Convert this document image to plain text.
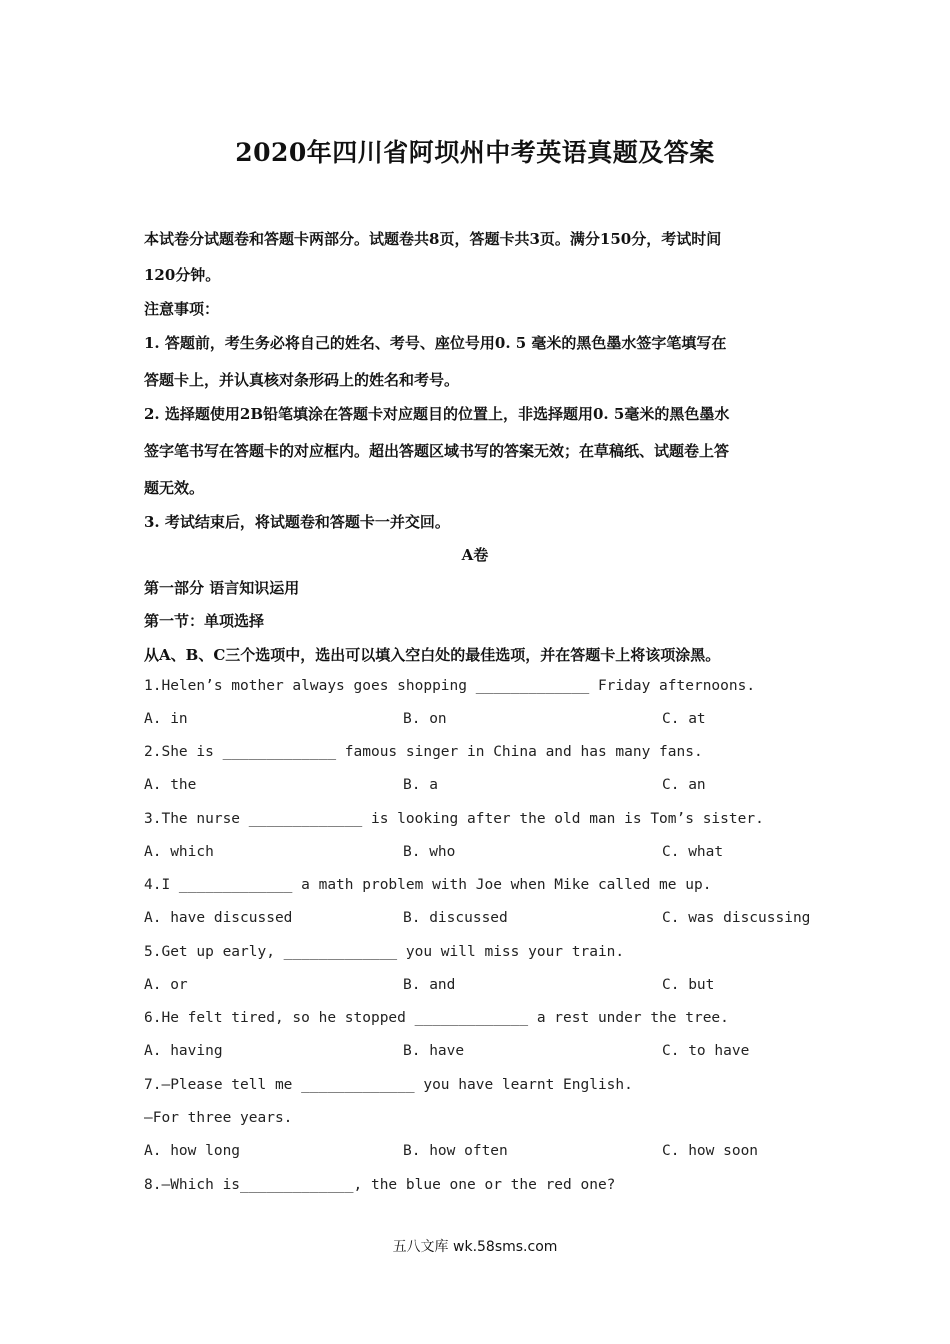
2020年四川省阿坝州中考英语真题及答案
本试卷分试题卷和答题卡两部分。试题卷共8页，答题卡共3页。满分150分，考试时间
120分钟。
注意事项：
1. 答题前，考生务必将自己的姓名、考号、座位号用0. 5 毫米的黑色墨水签字笔填写在
答题卡上，并认真核对条形码上的姓名和考号。
2. 选择题使用2B铅笔填涂在答题卡对应题目的位置上，非选择题用0. 5毫米的黑色墨水
签字笔书写在答题卡的对应框内。超出答题区域书写的答案无效；在草稿纸、试题卷上答
题无效。
3. 考试结束后，将试题卷和答题卡一并交回。
A卷
第一部分 语言知识运用
第一节：单项选择
从A、B、C三个选项中，选出可以填入空白处的最佳选项，并在答题卡上将该项涂黑。
1.Helen’s mother always goes shopping _____________ Friday afternoons.
A. in	B. on	C. at
2.She is _____________ famous singer in China and has many fans.
A. the	B. a	C. an
3.The nurse _____________ is looking after the old man is Tom’s sister.
A. which	B. who	C. what
4.I _____________ a math problem with Joe when Mike called me up.
A. have discussed	B. discussed	C. was discussing
5.Get up early, _____________ you will miss your train.
A. or	B. and	C. but
6.He felt tired, so he stopped _____________ a rest under the tree.
A. having	B. have	C. to have
7.—Please tell me _____________ you have learnt English.
—For three years.
A. how long	B. how often	C. how soon
8.—Which is_____________, the blue one or the red one?
五八文库 wk.58sms.com
